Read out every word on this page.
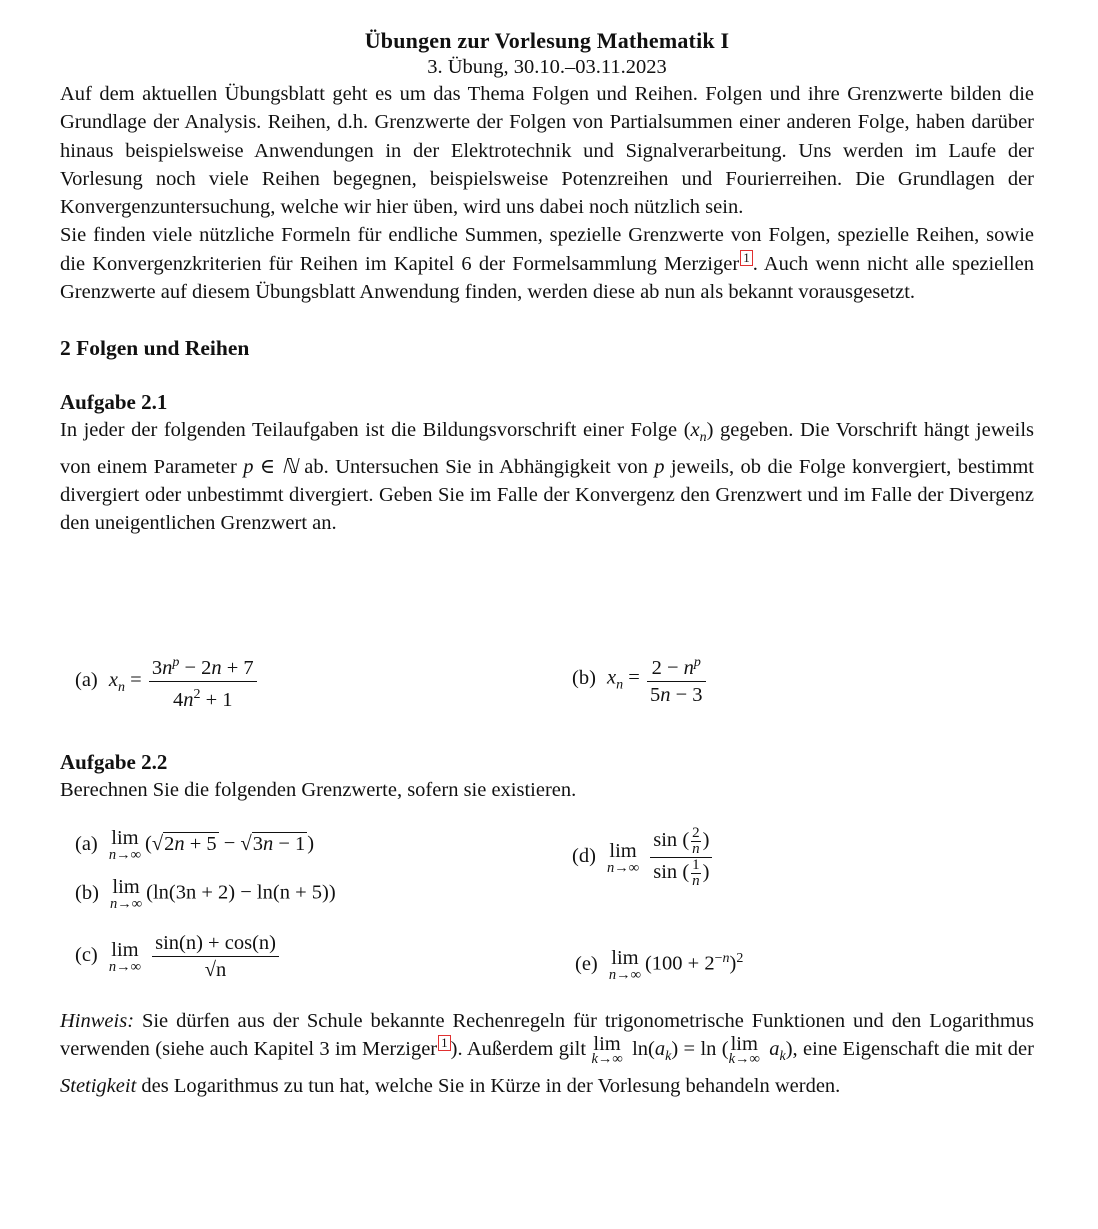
Übungen zur Vorlesung Mathematik I
3. Übung, 30.10.–03.11.2023

Auf dem aktuellen Übungsblatt geht es um das Thema Folgen und Reihen. Folgen und ihre Grenzwerte bilden die Grundlage der Analysis. Reihen, d.h. Grenzwerte der Folgen von Partialsummen einer anderen Folge, haben darüber hinaus beispielsweise Anwendungen in der Elektrotechnik und Signalverarbeitung. Uns werden im Laufe der Vorlesung noch viele Reihen begegnen, beispielsweise Potenzreihen und Fourierreihen. Die Grundlagen der Konvergenzuntersuchung, welche wir hier üben, wird uns dabei noch nützlich sein.

Sie finden viele nützliche Formeln für endliche Summen, spezielle Grenzwerte von Folgen, spezielle Reihen, sowie die Konvergenzkriterien für Reihen im Kapitel 6 der Formelsammlung Merziger 1 . Auch wenn nicht alle speziellen Grenzwerte auf diesem Übungsblatt Anwendung finden, werden diese ab nun als bekannt vorausgesetzt.

2 Folgen und Reihen
Aufgabe 2.1

In jeder der folgenden Teilaufgaben ist die Bildungsvorschrift einer Folge $(x_n)$ gegeben. Die Vorschrift hängt jeweils von einem Parameter p ∈ ℕ ab. Untersuchen Sie in Abhängigkeit von p jeweils, ob die Folge konvergiert, bestimmt divergiert oder unbestimmt divergiert. Geben Sie im Falle der Konvergenz den Grenzwert und im Falle der Divergenz den uneigentlichen Grenzwert an.

(a) $x_n = \frac{3n^p - 2n + 7}{4n^2 + 1}$	(b) $x_n = \frac{2 - n^p}{5n - 3}$
Aufgabe 2.2
Berechnen Sie die folgenden Grenzwerte, sofern sie existieren.
(a) lim
n→∞
(√2n + 5 − √3n − 1)
(b) lim
n→∞
(ln(3n + 2) − ln(n + 5))
(c) lim
n→∞
$\frac{\sin(n) + \cos(n)}{√n}$
(d) lim
n→∞
$\frac{\sin ( \frac{2}{n} )}{\sin ( \frac{1}{n} )}$
(e) lim
n→∞
$(100 + 2^{-n})^2$

Hinweis: Sie dürfen aus der Schule bekannte Rechenregeln für trigonometrische Funktionen und den Logarithmus verwenden (siehe auch Kapitel 3 im Merziger 1 ). Außerdem gilt lim
k→∞ $\ln(a_k) = \ln$ ( lim
k→∞ $a_k$), eine Eigenschaft die mit der Stetigkeit des Logarithmus zu tun hat, welche Sie in Kürze in der Vorlesung behandeln werden.
